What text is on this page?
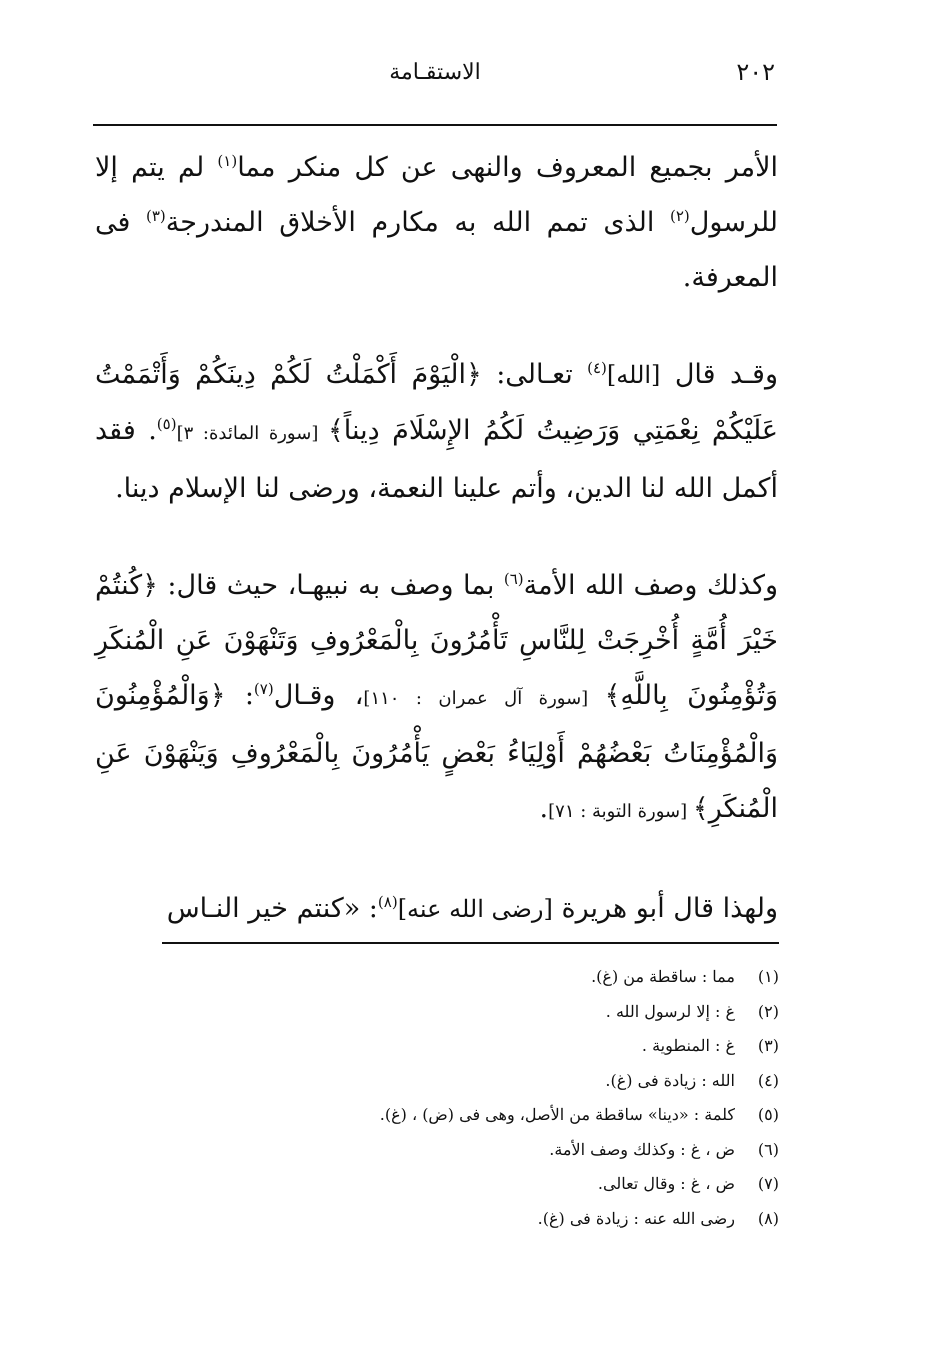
٢٠٢
الاستقـامة

الأمر بجميع المعروف والنهى عن كل منكر مما$^{(١)}$ لم يتم إلا للرسول$^{(٢)}$ الذى تمم الله به مكارم الأخلاق المندرجة$^{(٣)}$ فى المعرفة.

وقـد قال [الله]$^{(٤)}$ تعـالى: ﴿الْيَوْمَ أَكْمَلْتُ لَكُمْ دِينَكُمْ وَأَتْمَمْتُ عَلَيْكُمْ نِعْمَتِي وَرَضِيتُ لَكُمُ الإِسْلَامَ دِيناً﴾ [سورة المائدة: ٣]$^{(٥)}$. فقد أكمل الله لنا الدين، وأتم علينا النعمة، ورضى لنا الإسلام دينا.

وكذلك وصف الله الأمة$^{(٦)}$ بما وصف به نبيهـا، حيث قال: ﴿كُنتُمْ خَيْرَ أُمَّةٍ أُخْرِجَتْ لِلنَّاسِ تَأْمُرُونَ بِالْمَعْرُوفِ وَتَنْهَوْنَ عَنِ الْمُنكَرِ وَتُؤْمِنُونَ بِاللَّهِ﴾ [سورة آل عمران : ١١٠]، وقـال$^{(٧)}$: ﴿وَالْمُؤْمِنُونَ وَالْمُؤْمِنَاتُ بَعْضُهُمْ أَوْلِيَاءُ بَعْضٍ يَأْمُرُونَ بِالْمَعْرُوفِ وَيَنْهَوْنَ عَنِ الْمُنكَرِ﴾ [سورة التوبة : ٧١].

ولهذا قال أبو هريرة [رضى الله عنه]$^{(٨)}$: «كنتم خير النـاس

(١)مما : ساقطة من (غ).
(٢)غ : إلا لرسول الله .
(٣)غ : المنطوية .
(٤)الله : زيادة فى (غ).
(٥)كلمة : «دينا» ساقطة من الأصل، وهى فى (ض) ، (غ).
(٦)ض ، غ : وكذلك وصف الأمة.
(٧)ض ، غ : وقال تعالى.
(٨)رضى الله عنه : زيادة فى (غ).
